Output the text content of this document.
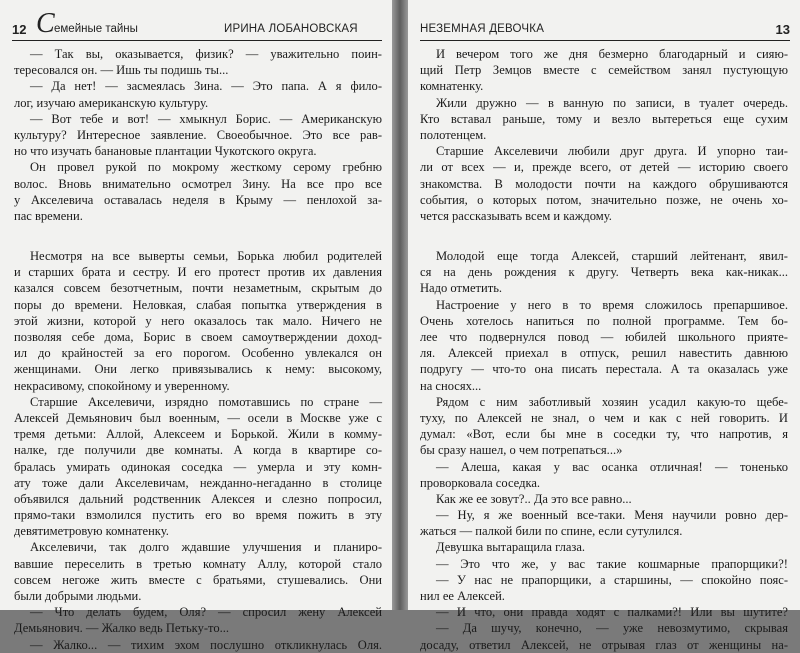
12 С емейные тайны	ИРИНА ЛОБАНОВСКАЯ
— Так вы, оказывается, физик? — уважительно поин-
тересовался он. — Ишь ты подишь ты...
— Да нет! — засмеялась Зина. — Это папа. А я фило-
лог, изучаю американскую культуру.
— Вот тебе и вот! — хмыкнул Борис. — Американскую
культуру? Интересное заявление. Своеобычное. Это все рав-
но что изучать банановые плантации Чукотского округа.
Он провел рукой по мокрому жесткому серому гребню
волос. Вновь внимательно осмотрел Зину. На все про все
у Акселевича оставалась неделя в Крыму — пенлохой за-
пас времени.
Несмотря на все выверты семьи, Борька любил родителей
и старших брата и сестру. И его протест против их давления
казался совсем безотчетным, почти незаметным, скрытым до
поры до времени. Неловкая, слабая попытка утверждения в
этой жизни, которой у него оказалось так мало. Ничего не
позволяя себе дома, Борис в своем самоутверждении доход-
ил до крайностей за его порогом. Особенно увлекался он
женщинами. Они легко привязывались к нему: высокому,
некрасивому, спокойному и уверенному.
Старшие Акселевичи, изрядно помотавшись по стране —
Алексей Демьянович был военным, — осели в Москве уже с
тремя детьми: Аллой, Алексеем и Борькой. Жили в комму-
налке, где получили две комнаты. А когда в квартире со-
бралась умирать одинокая соседка — умерла и эту комн-
ату тоже дали Акселевичам, нежданно-негаданно в столице
объявился дальний родственник Алексея и слезно попросил,
прямо-таки взмолился пустить его во время пожить в эту
девятиметровую комнатенку.
Акселевичи, так долго ждавшие улучшения и планиро-
вавшие переселить в третью комнату Аллу, которой стало
совсем негоже жить вместе с братьями, стушевались. Они
были добрыми людьми.
— Что делать будем, Оля? — спросил жену Алексей
Демьянович. — Жалко ведь Петьку-то...
— Жалко... — тихим эхом послушно откликнулась Оля.
НЕЗЕМНАЯ ДЕВОЧКА	13
И вечером того же дня безмерно благодарный и сияю-
щий Петр Земцов вместе с семейством занял пустующую
комнатенку.
Жили дружно — в ванную по записи, в туалет очередь.
Кто вставал раньше, тому и везло вытереться еще сухим
полотенцем.
Старшие Акселевичи любили друг друга. И упорно таи-
ли от всех — и, прежде всего, от детей — историю своего
знакомства. В молодости почти на каждого обрушиваются
события, о которых потом, значительно позже, не очень хо-
чется рассказывать всем и каждому.
Молодой еще тогда Алексей, старший лейтенант, явил-
ся на день рождения к другу. Четверть века как-никак...
Надо отметить.
Настроение у него в то время сложилось препаршивое.
Очень хотелось напиться по полной программе. Тем бо-
лее что подвернулся повод — юбилей школьного прияте-
ля. Алексей приехал в отпуск, решил навестить давнюю
подругу — что-то она писать перестала. А та оказалась уже
на сносях...
Рядом с ним заботливый хозяин усадил какую-то щебе-
туху, по Алексей не знал, о чем и как с ней говорить. И
думал: «Вот, если бы мне в соседки ту, что напротив, я
бы сразу нашел, о чем потрепаться...»
— Алеша, какая у вас осанка отличная! — тоненько
проворковала соседка.
Как же ее зовут?.. Да это все равно...
— Ну, я же военный все-таки. Меня научили ровно дер-
жаться — палкой били по спине, если сутулился.
Девушка вытаращила глаза.
— Это что же, у вас такие кошмарные прапорщики?!
— У нас не прапорщики, а старшины, — спокойно пояс-
нил ее Алексей.
— И что, они правда ходят с палками?! Или вы шутите?
— Да шучу, конечно, — уже невозмутимо, скрывая
досаду, ответил Алексей, не отрывая глаз от женщины на-
